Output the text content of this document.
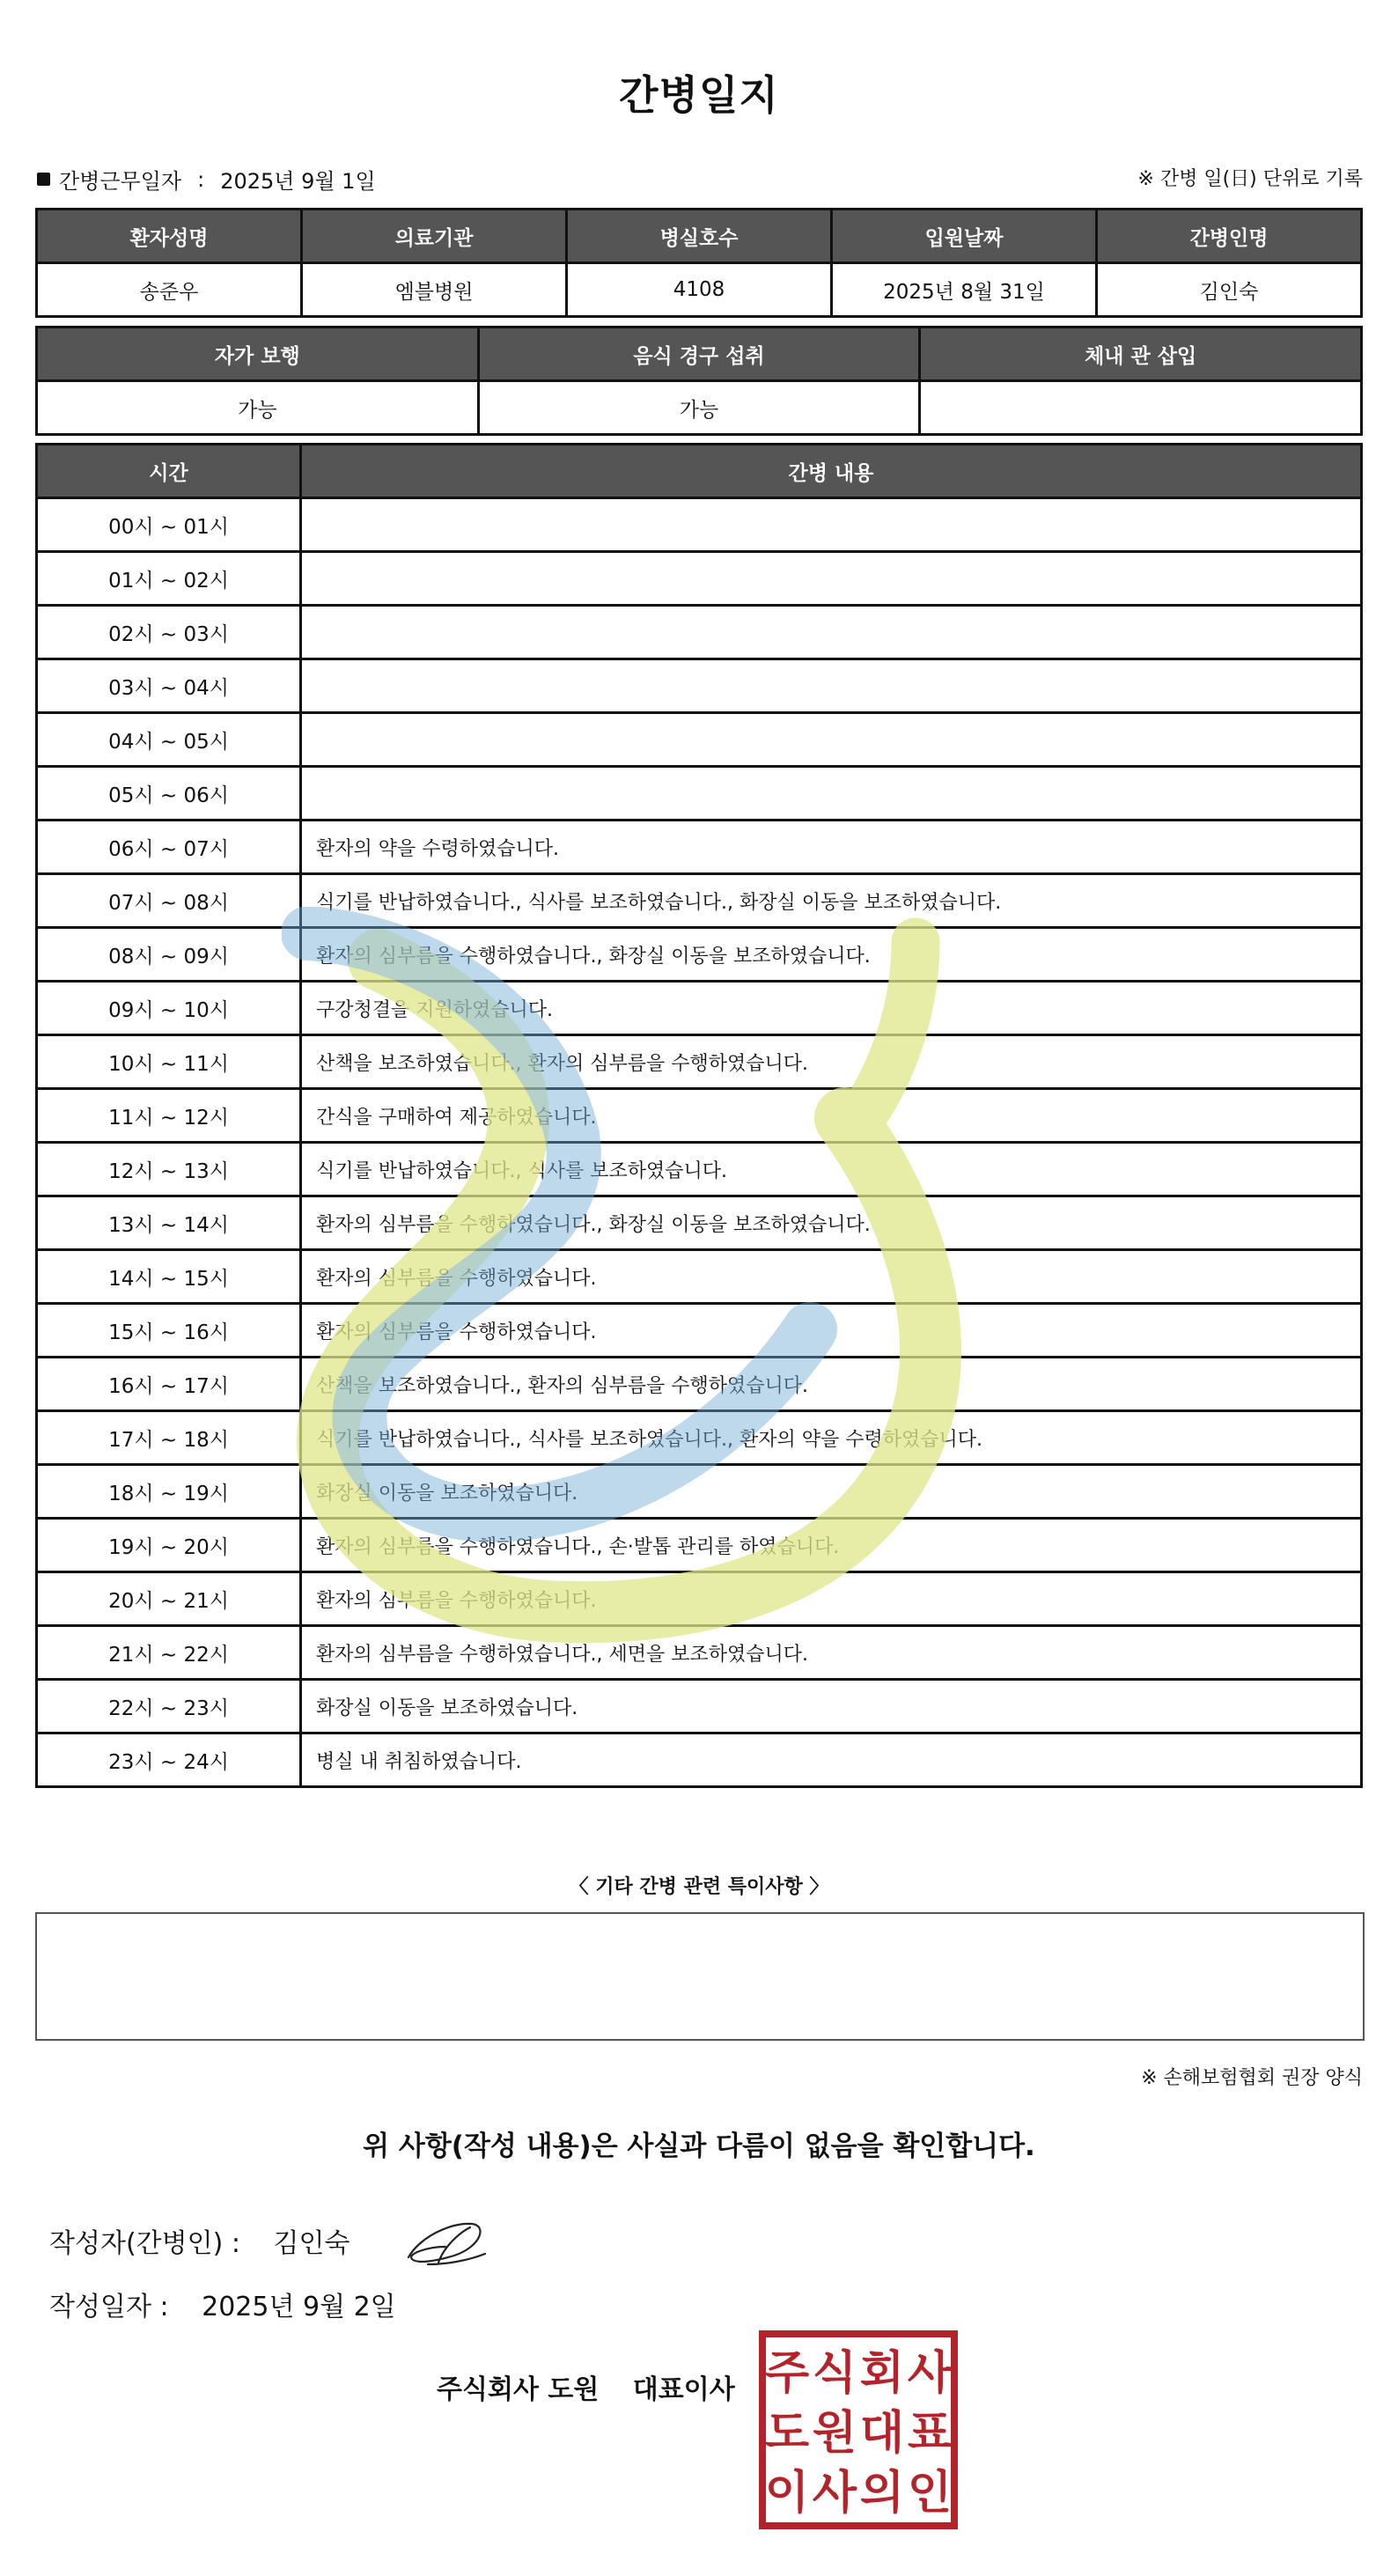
간병일지
간병근무일자 : 2025년 9월 1일	※ 간병 일(日) 단위로 기록
환자성명	의료기관	병실호수	입원날짜	간병인명
송준우	엠블병원	4108	2025년 8월 31일	김인숙
자가 보행	음식 경구 섭취	체내 관 삽입
가능	가능	
시간	간병 내용
00시 ~ 01시	
01시 ~ 02시	
02시 ~ 03시	
03시 ~ 04시	
04시 ~ 05시	
05시 ~ 06시	
06시 ~ 07시	환자의 약을 수령하였습니다.
07시 ~ 08시	식기를 반납하였습니다., 식사를 보조하였습니다., 화장실 이동을 보조하였습니다.
08시 ~ 09시	환자의 심부름을 수행하였습니다., 화장실 이동을 보조하였습니다.
09시 ~ 10시	구강청결을 지원하였습니다.
10시 ~ 11시	산책을 보조하였습니다., 환자의 심부름을 수행하였습니다.
11시 ~ 12시	간식을 구매하여 제공하였습니다.
12시 ~ 13시	식기를 반납하였습니다., 식사를 보조하였습니다.
13시 ~ 14시	환자의 심부름을 수행하였습니다., 화장실 이동을 보조하였습니다.
14시 ~ 15시	환자의 심부름을 수행하였습니다.
15시 ~ 16시	환자의 심부름을 수행하였습니다.
16시 ~ 17시	산책을 보조하였습니다., 환자의 심부름을 수행하였습니다.
17시 ~ 18시	식기를 반납하였습니다., 식사를 보조하였습니다., 환자의 약을 수령하였습니다.
18시 ~ 19시	화장실 이동을 보조하였습니다.
19시 ~ 20시	환자의 심부름을 수행하였습니다., 손·발톱 관리를 하였습니다.
20시 ~ 21시	환자의 심부름을 수행하였습니다.
21시 ~ 22시	환자의 심부름을 수행하였습니다., 세면을 보조하였습니다.
22시 ~ 23시	화장실 이동을 보조하였습니다.
23시 ~ 24시	병실 내 취침하였습니다.
〈 기타 간병 관련 특이사항 〉
※ 손해보험협회 권장 양식
위 사항(작성 내용)은 사실과 다름이 없음을 확인합니다.
작성자(간병인) : 김인숙
작성일자 : 2025년 9월 2일
주식회사 도원 대표이사 주 식 회 사
도 원 대 표
이 사 의 인
